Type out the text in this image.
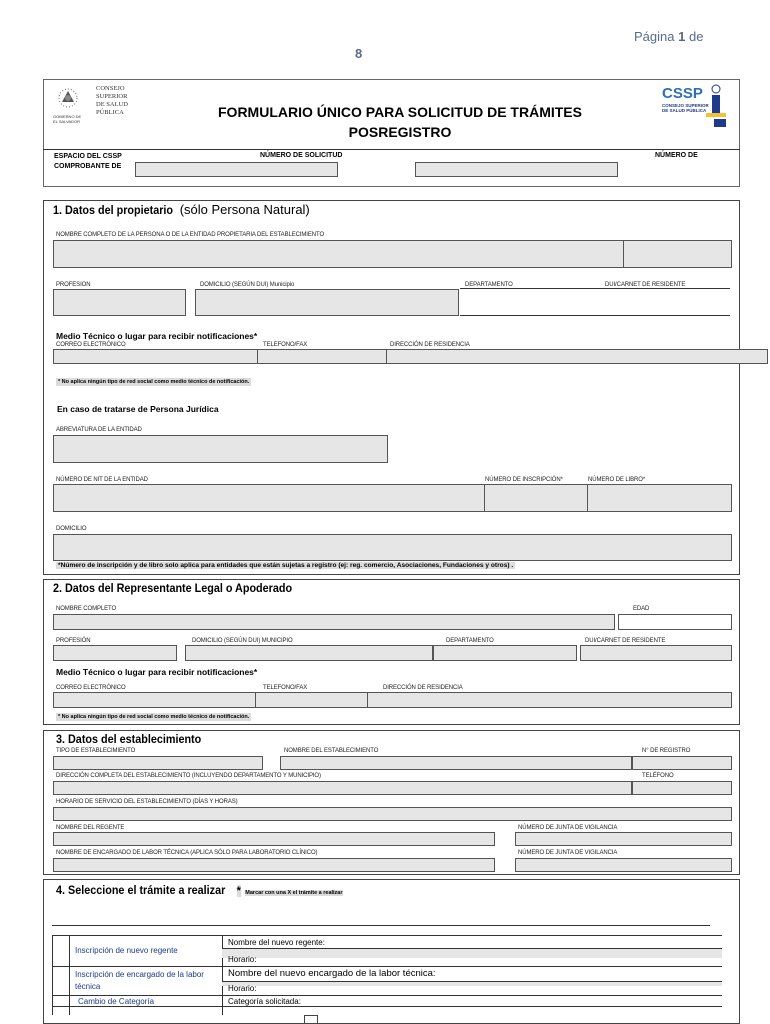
Página 1 de
8
CONSEJO
SUPERIOR
DE SALUD
PÚBLICA
GOBIERNO DE
EL SALVADOR
FORMULARIO ÚNICO PARA SOLICITUD DE TRÁMITES
POSREGISTRO
CSSP
CONSEJO SUPERIOR
DE SALUD PÚBLICA
ESPACIO DEL CSSP
COMPROBANTE DE
NÚMERO DE SOLICITUD	NÚMERO DE
1. Datos del propietario (sólo Persona Natural)
NOMBRE COMPLETO DE LA PERSONA O DE LA ENTIDAD PROPIETARIA DEL ESTABLECIMIENTO
PROFESION	DOMICILIO (SEGÚN DUI) Municipio	DEPARTAMENTO	DUI/CARNET DE RESIDENTE
Medio Técnico o lugar para recibir notificaciones*
CORREO ELECTRÓNICO	TELEFONO/FAX	DIRECCIÓN DE RESIDENCIA
* No aplica ningún tipo de red social como medio técnico de notificación.
En caso de tratarse de Persona Jurídica
ABREVIATURA DE LA ENTIDAD
NÚMERO DE NIT DE LA ENTIDAD	NÚMERO DE INSCRIPCIÓN*	NÚMERO DE LIBRO*
DOMICILIO
*Número de inscripción y de libro solo aplica para entidades que están sujetas a registro (ej: reg. comercio, Asociaciones, Fundaciones y otros) .
2. Datos del Representante Legal o Apoderado
NOMBRE COMPLETO	EDAD
PROFESIÓN	DOMICILIO (SEGÚN DUI) MUNICIPIO	DEPARTAMENTO	DUI/CARNET DE RESIDENTE
Medio Técnico o lugar para recibir notificaciones*
CORREO ELECTRÓNICO	TELEFONO/FAX	DIRECCIÓN DE RESIDENCIA
* No aplica ningún tipo de red social como medio técnico de notificación.
3. Datos del establecimiento
TIPO DE ESTABLECIMIENTO	NOMBRE DEL ESTABLECIMIENTO	N° DE REGISTRO
DIRECCIÓN COMPLETA DEL ESTABLECIMIENTO (INCLUYENDO DEPARTAMENTO Y MUNICIPIO)	TELÉFONO
HORARIO DE SERVICIO DEL ESTABLECIMIENTO (DÍAS Y HORAS)
NOMBRE DEL REGENTE	NÚMERO DE JUNTA DE VIGILANCIA
NOMBRE DE ENCARGADO DE LABOR TÉCNICA (APLICA SÓLO PARA LABORATORIO CLÍNICO)	NÚMERO DE JUNTA DE VIGILANCIA
4. Seleccione el trámite a realizar * Marcar con una X el trámite a realizar
Inscripción de nuevo regente
Nombre del nuevo regente:
Horario:
Inscripción de encargado de la labor técnica
Nombre del nuevo encargado de la labor técnica:
Horario:
Cambio de Categoría	Categoría solicitada:
